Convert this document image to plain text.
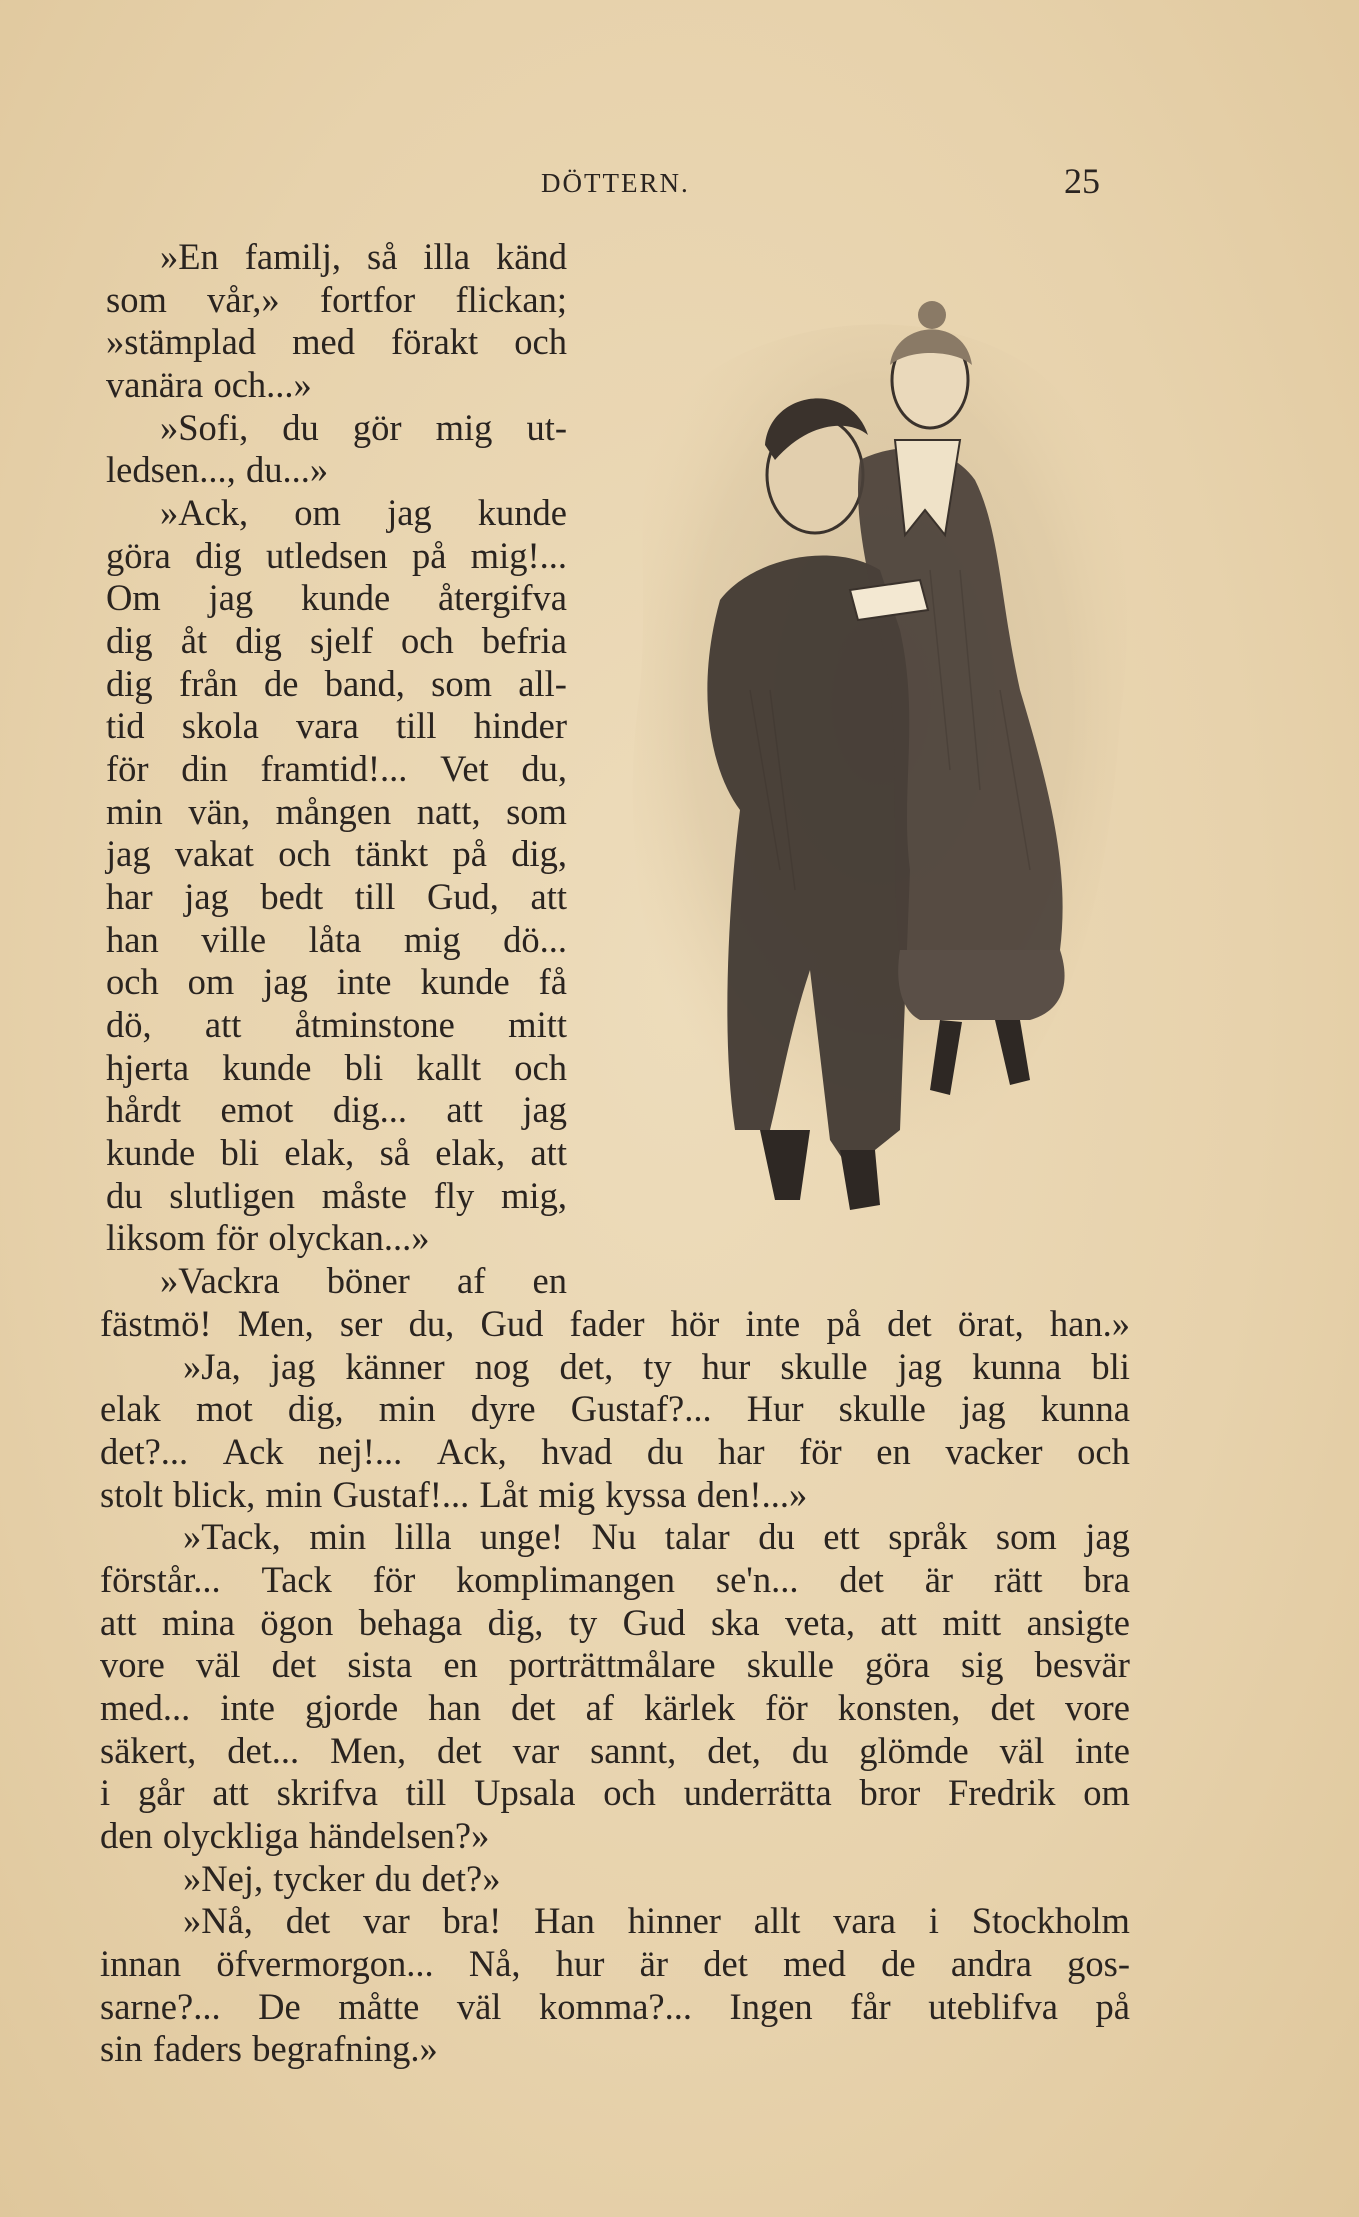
DÖTTERN.	25
»En familj, så illa känd
som vår,» fortfor flickan;
»stämplad med förakt och
vanära och...»
»Sofi, du gör mig ut-
ledsen..., du...»
»Ack, om jag kunde
göra dig utledsen på mig!...
Om jag kunde återgifva
dig åt dig sjelf och befria
dig från de band, som all-
tid skola vara till hinder
för din framtid!... Vet du,
min vän, mången natt, som
jag vakat och tänkt på dig,
har jag bedt till Gud, att
han ville låta mig dö...
och om jag inte kunde få
dö, att åtminstone mitt
hjerta kunde bli kallt och
hårdt emot dig... att jag
kunde bli elak, så elak, att
du slutligen måste fly mig,
liksom för olyckan...»
»Vackra böner af en
fästmö! Men, ser du, Gud fader hör inte på det örat, han.»
»Ja, jag känner nog det, ty hur skulle jag kunna bli
elak mot dig, min dyre Gustaf?... Hur skulle jag kunna
det?... Ack nej!... Ack, hvad du har för en vacker och
stolt blick, min Gustaf!... Låt mig kyssa den!...»
»Tack, min lilla unge! Nu talar du ett språk som jag
förstår... Tack för komplimangen se'n... det är rätt bra
att mina ögon behaga dig, ty Gud ska veta, att mitt ansigte
vore väl det sista en porträttmålare skulle göra sig besvär
med... inte gjorde han det af kärlek för konsten, det vore
säkert, det... Men, det var sannt, det, du glömde väl inte
i går att skrifva till Upsala och underrätta bror Fredrik om
den olyckliga händelsen?»
»Nej, tycker du det?»
»Nå, det var bra! Han hinner allt vara i Stockholm
innan öfvermorgon... Nå, hur är det med de andra gos-
sarne?... De måtte väl komma?... Ingen får uteblifva på
sin faders begrafning.»
